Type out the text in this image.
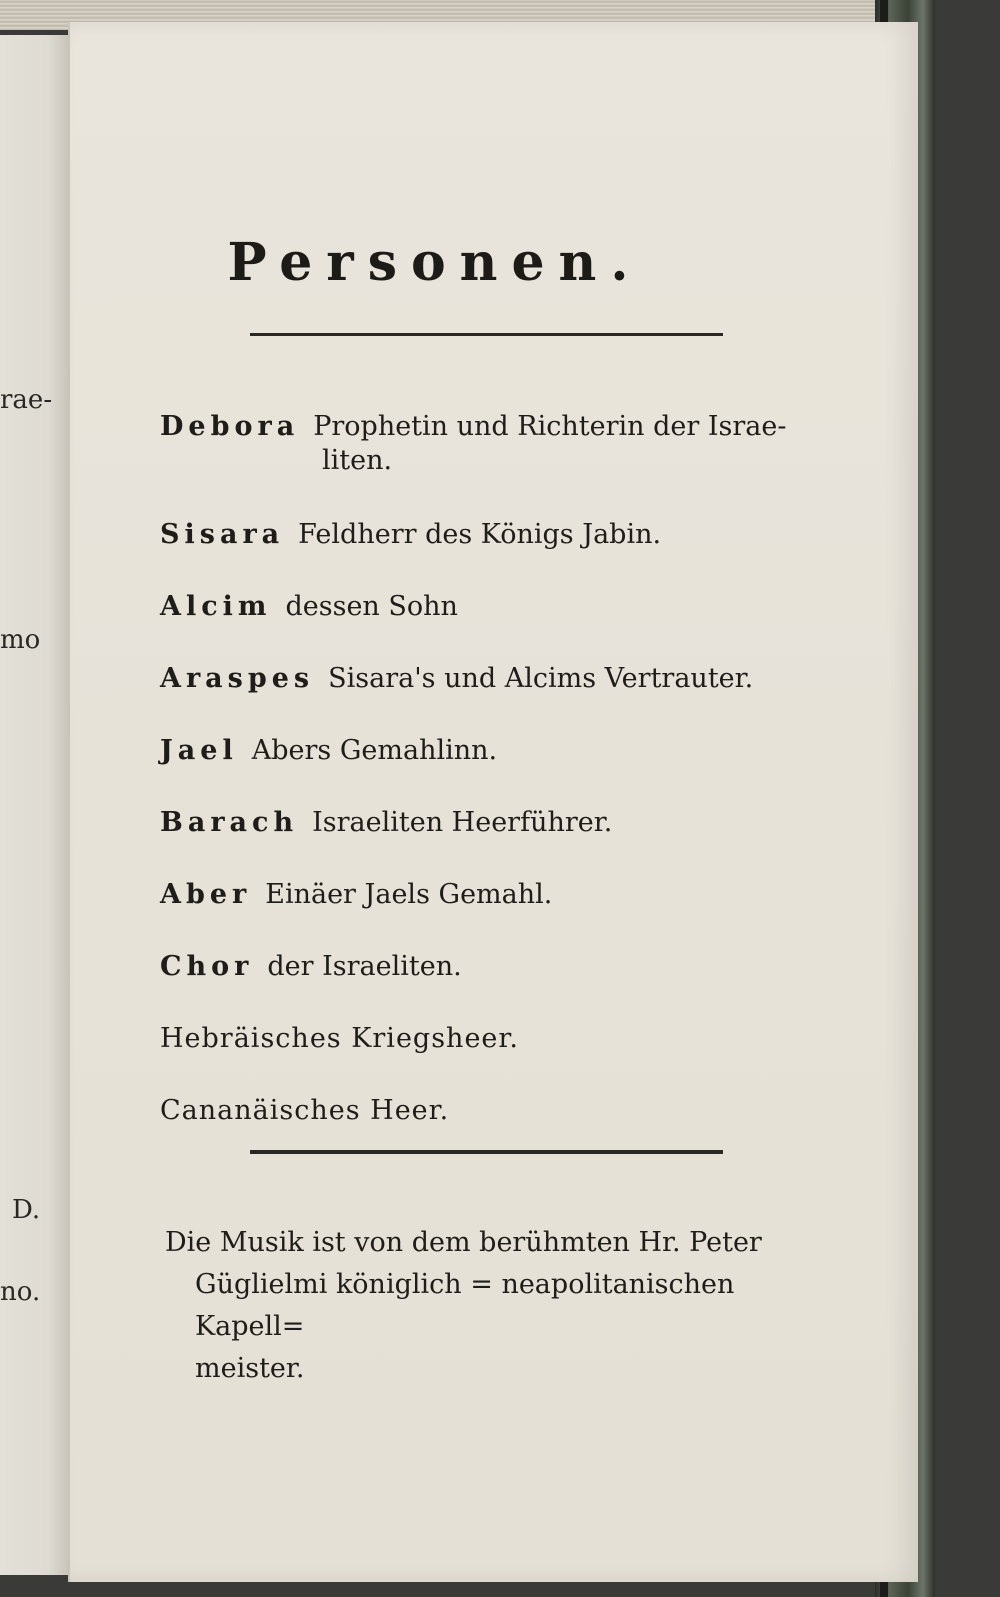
rae-
mo
D.
no.
Personen.
Debora Prophetin und Richterin der Israe-
liten.
Sisara Feldherr des Königs Jabin.
Alcim dessen Sohn
Araspes Sisara's und Alcims Vertrauter.
Jael Abers Gemahlinn.
Barach Israeliten Heerführer.
Aber Einäer Jaels Gemahl.
Chor der Israeliten.
Hebräisches Kriegsheer.
Cananäisches Heer.
Die Musik ist von dem berühmten Hr. Peter
Güglielmi königlich = neapolitanischen Kapell=
meister.
